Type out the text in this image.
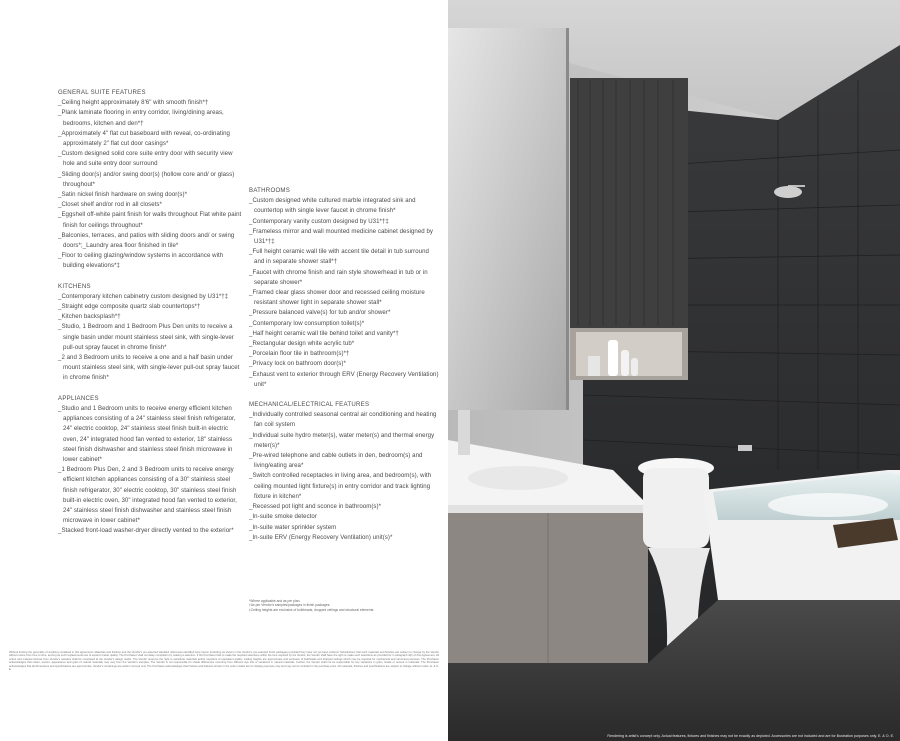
GENERAL SUITE FEATURES

_Ceiling height approximately 8'6" with smooth finish*†
_Plank laminate flooring in entry corridor, living/dining areas, bedrooms, kitchen and den*†
_Approximately 4" flat cut baseboard with reveal, co-ordinating approximately 2" flat cut door casings*
_Custom designed solid core suite entry door with security view hole and suite entry door surround
_Sliding door(s) and/or swing door(s) (hollow core and/ or glass) throughout*
_Satin nickel finish hardware on swing door(s)*
_Closet shelf and/or rod in all closets*
_Eggshell off-white paint finish for walls throughout Flat white paint finish for ceilings throughout*
_Balconies, terraces, and patios with sliding doors and/ or swing doors*;_Laundry area floor finished in tile*
_Floor to ceiling glazing/window systems in accordance with building elevations*‡

KITCHENS

_Contemporary kitchen cabinetry custom designed by U31*†‡
_Straight edge composite quartz slab countertops*†
_Kitchen backsplash*†
_Studio, 1 Bedroom and 1 Bedroom Plus Den units to receive a single basin under mount stainless steel sink, with single-lever pull-out spray faucet in chrome finish*
_2 and 3 Bedroom units to receive a one and a half basin under mount stainless steel sink, with single-lever pull-out spray faucet in chrome finish*

APPLIANCES

_Studio and 1 Bedroom units to receive energy efficient kitchen appliances consisting of a 24" stainless steel finish refrigerator, 24" electric cooktop, 24" stainless steel finish built-in electric oven, 24" integrated hood fan vented to exterior, 18" stainless steel finish dishwasher and stainless steel finish microwave in lower cabinet*
_1 Bedroom Plus Den, 2 and 3 Bedroom units to receive energy efficient kitchen appliances consisting of a 30" stainless steel finish refrigerator, 30" electric cooktop, 30" stainless steel finish built-in electric oven, 30" integrated hood fan vented to exterior, 24" stainless steel finish dishwasher and stainless steel finish microwave in lower cabinet*
_Stacked front-load washer-dryer directly vented to the exterior*

BATHROOMS

_Custom designed white cultured marble integrated sink and countertop with single lever faucet in chrome finish*
_Contemporary vanity custom designed by U31*†‡
_Frameless mirror and wall mounted medicine cabinet designed by U31*†‡
_Full height ceramic wall tile with accent tile detail in tub surround and in separate shower stall*†
_Faucet with chrome finish and rain style showerhead in tub or in separate shower*
_Framed clear glass shower door and recessed ceiling moisture resistant shower light in separate shower stall*
_Pressure balanced valve(s) for tub and/or shower*
_Contemporary low consumption toilet(s)*
_Half height ceramic wall tile behind toilet and vanity*†
_Rectangular design white acrylic tub*
_Porcelain floor tile in bathroom(s)*†
_Privacy lock on bathroom door(s)*
_Exhaust vent to exterior through ERV (Energy Recovery Ventilation) unit*

MECHANICAL/ELECTRICAL FEATURES

_Individually controlled seasonal central air conditioning and heating fan coil system
_Individual suite hydro meter(s), water meter(s) and thermal energy meter(s)*
_Pre-wired telephone and cable outlets in den, bedroom(s) and living/eating area*
_Switch controlled receptacles in living area, and bedroom(s), with ceiling mounted light fixture(s) in entry corridor and track lighting fixture in kitchen*
_Recessed pot light and sconce in bathroom(s)*
_In-suite smoke detector
_In-suite water sprinkler system
_In-suite ERV (Energy Recovery Ventilation) unit(s)*
*Where applicable and as per plan.
†As per Vendor's samples/packages in finish packages.
‡Ceiling heights are exclusive of bulkheads, dropped ceilings and structural elements.
Without limiting the generality of anything contained in this Agreement: Materials and finishes and the Vendor's pre-selected standard references identified here herein (including as shown in the Vendor's pre-selected finish packages) provided they have not yet been ordered. Substitutions that such materials and finishes are subject to change by the Vendor without notice from time to time, as long as such replacements are of equal or better quality. The Purchaser shall not delay completion by making a selection. If the Purchaser fails to make the required selections within the time required by the Vendor, the Vendor shall have the right to make such selections as provided for in paragraph 4(b) of this Agreement. All colour and material choices from Vendor's samples shall be completed at the Vendor's design studio. The Vendor reserves the right to substitute materials and/or suppliers of equivalent quality. Ceiling heights are approximate and exclusive of bulkheads and dropped ceilings which may be required for mechanical and structural purposes. The Purchaser acknowledges that colour, texture, appearance and grain of natural materials may vary from the Vendor's samples. The Vendor is not responsible for shade differences occurring from different dye lots or variations in natural materials. Further, the Vendor shall not be responsible for any variations in grain, shade or texture in materials. The Purchaser acknowledges that all dimensions and specifications are approximate. Vendor's renderings are artist's concept only. The Purchaser acknowledges that finishes and features shown in the suite models are for display purposes only and may not be included in the purchase price. All materials, finishes and specifications are subject to change without notice. E. & O. E.
Rendering is artist's concept only. Actual features, fixtures and finishes may not be exactly as depicted. Accessories are not included and are for illustration purposes only. E. & O. E.
